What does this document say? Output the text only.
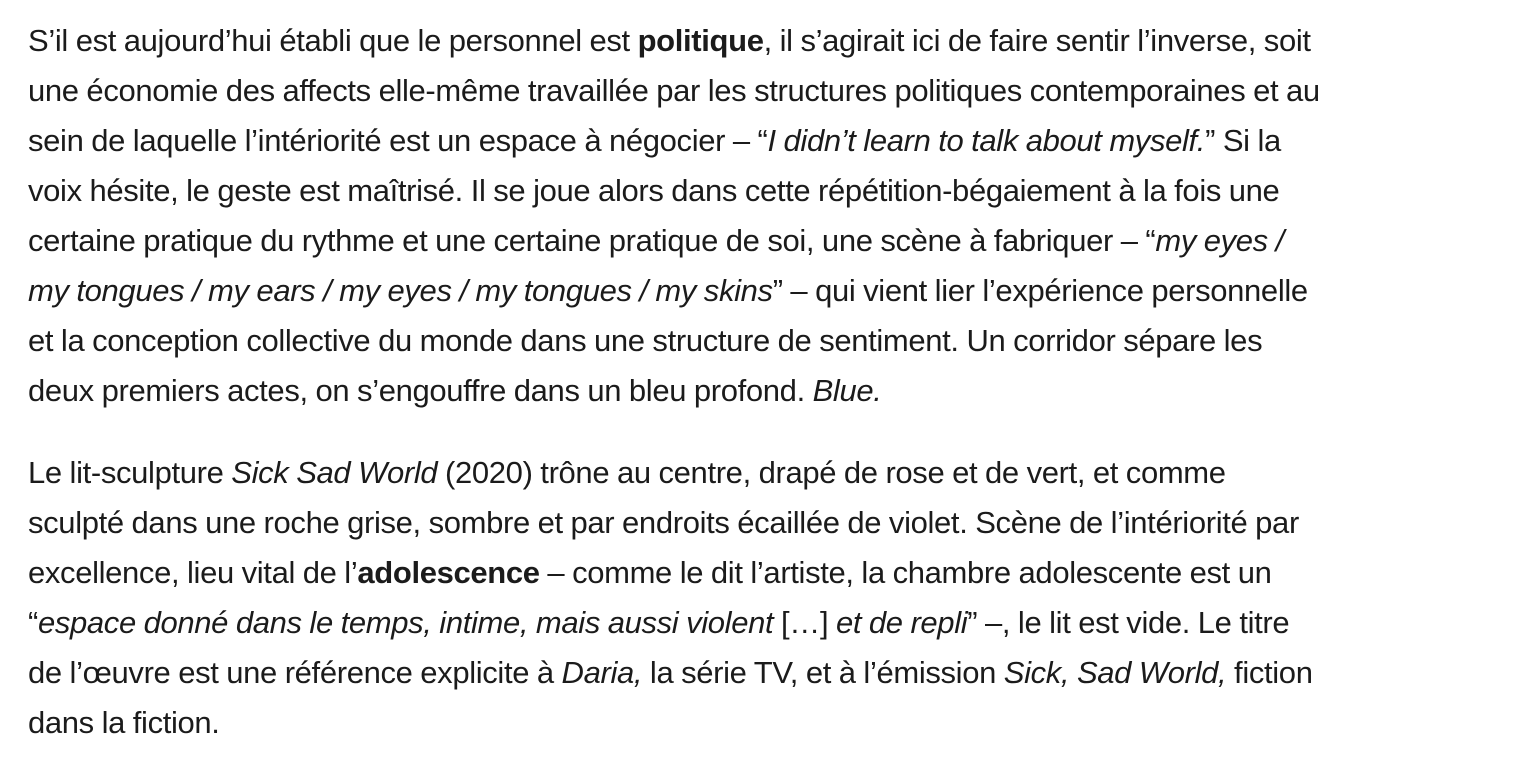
S’il est aujourd’hui établi que le personnel est politique, il s’agirait ici de faire sentir l’inverse, soit
une économie des affects elle-même travaillée par les structures politiques contemporaines et au
sein de laquelle l’intériorité est un espace à négocier – “I didn’t learn to talk about myself.” Si la
voix hésite, le geste est maîtrisé. Il se joue alors dans cette répétition-bégaiement à la fois une
certaine pratique du rythme et une certaine pratique de soi, une scène à fabriquer – “my eyes /
my tongues / my ears / my eyes / my tongues / my skins” – qui vient lier l’expérience personnelle
et la conception collective du monde dans une structure de sentiment. Un corridor sépare les
deux premiers actes, on s’engouffre dans un bleu profond. Blue.

Le lit-sculpture Sick Sad World (2020) trône au centre, drapé de rose et de vert, et comme
sculpté dans une roche grise, sombre et par endroits écaillée de violet. Scène de l’intériorité par
excellence, lieu vital de l’adolescence – comme le dit l’artiste, la chambre adolescente est un
“espace donné dans le temps, intime, mais aussi violent […] et de repli” –, le lit est vide. Le titre
de l’œuvre est une référence explicite à Daria, la série TV, et à l’émission Sick, Sad World, fiction
dans la fiction.
